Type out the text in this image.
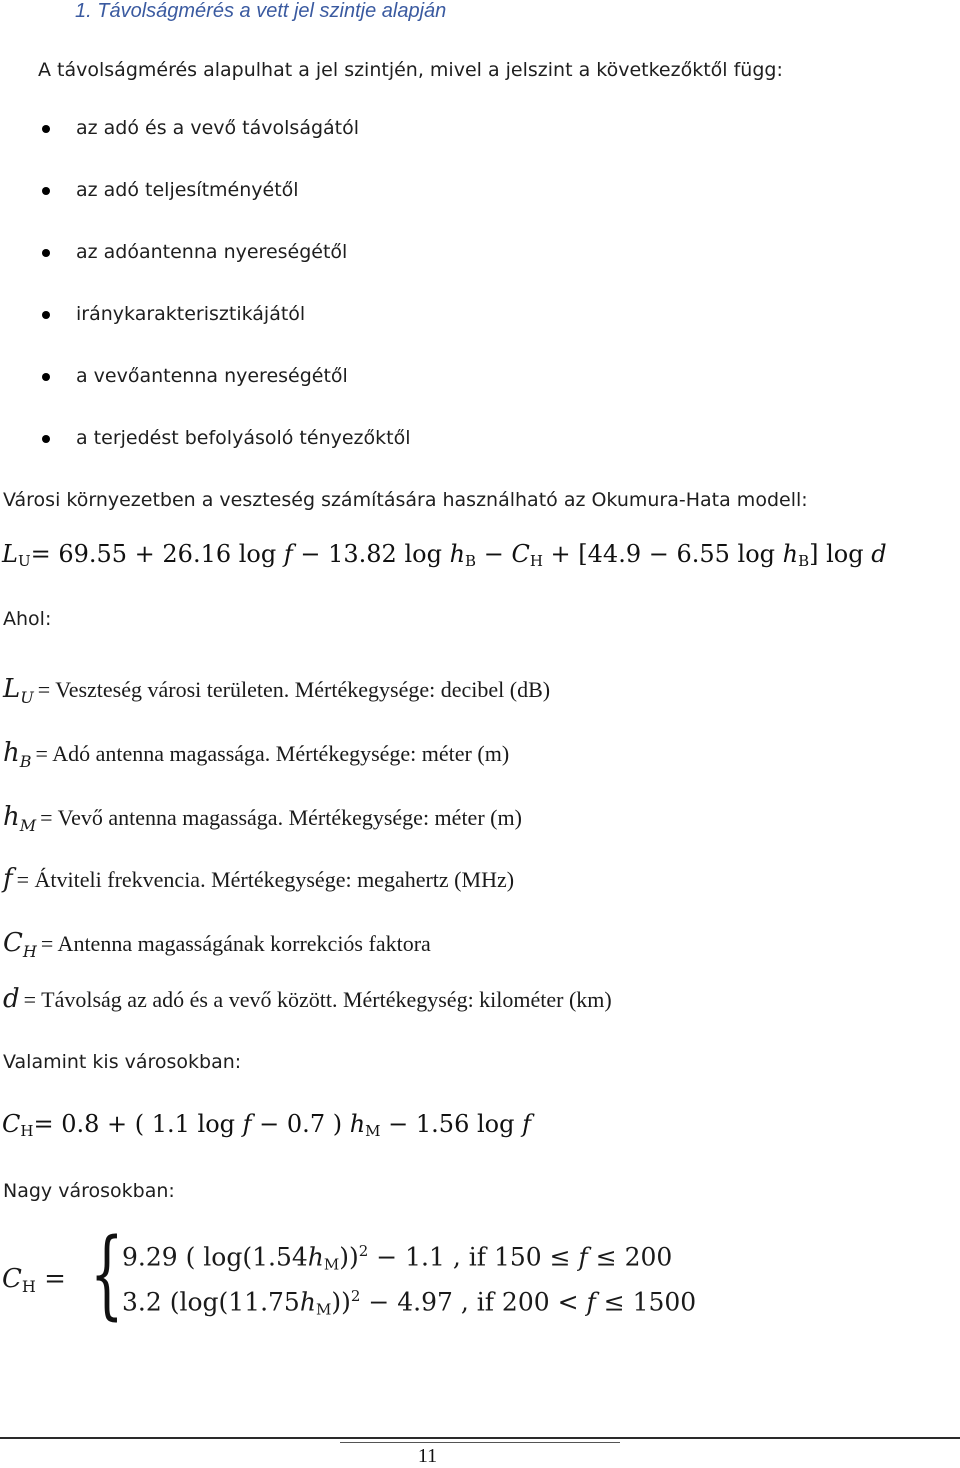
1. Távolságmérés a vett jel szintje alapján
A távolságmérés alapulhat a jel szintjén, mivel a jelszint a következőktől függ:
az adó és a vevő távolságától
az adó teljesítményétől
az adóantenna nyereségétől
iránykarakterisztikájától
a vevőantenna nyereségétől
a terjedést befolyásoló tényezőktől
Városi környezetben a veszteség számítására használható az Okumura-Hata modell:
$L_U= 69.55 + 26.16$ log f − 13.82 $\log h_B - C_H + [44.9 - 6.55$ $\log h_B$] log d
Ahol:
$L_U$ = Veszteség városi területen. Mértékegysége: decibel (dB)
$h_B$ = Adó antenna magassága. Mértékegysége: méter (m)
$h_M$ = Vevő antenna magassága. Mértékegysége: méter (m)
f = Átviteli frekvencia. Mértékegysége: megahertz (MHz)
$C_H$ = Antenna magasságának korrekciós faktora
d = Távolság az adó és a vevő között. Mértékegység: kilométer (km)
Valamint kis városokban:
$C_H= 0.8$ + ( 1.1 log f − 0.7 ) $h_M - 1.56$ log f
Nagy városokban:
$C_H$ = {
9.29 ( $\log(1.54h_M))^2 - 1.1$ , if 150 ≤ f ≤ 200
3.2 $(\log(11.75h_M))^2 - 4.97$ , if 200 < f ≤ 1500
11
